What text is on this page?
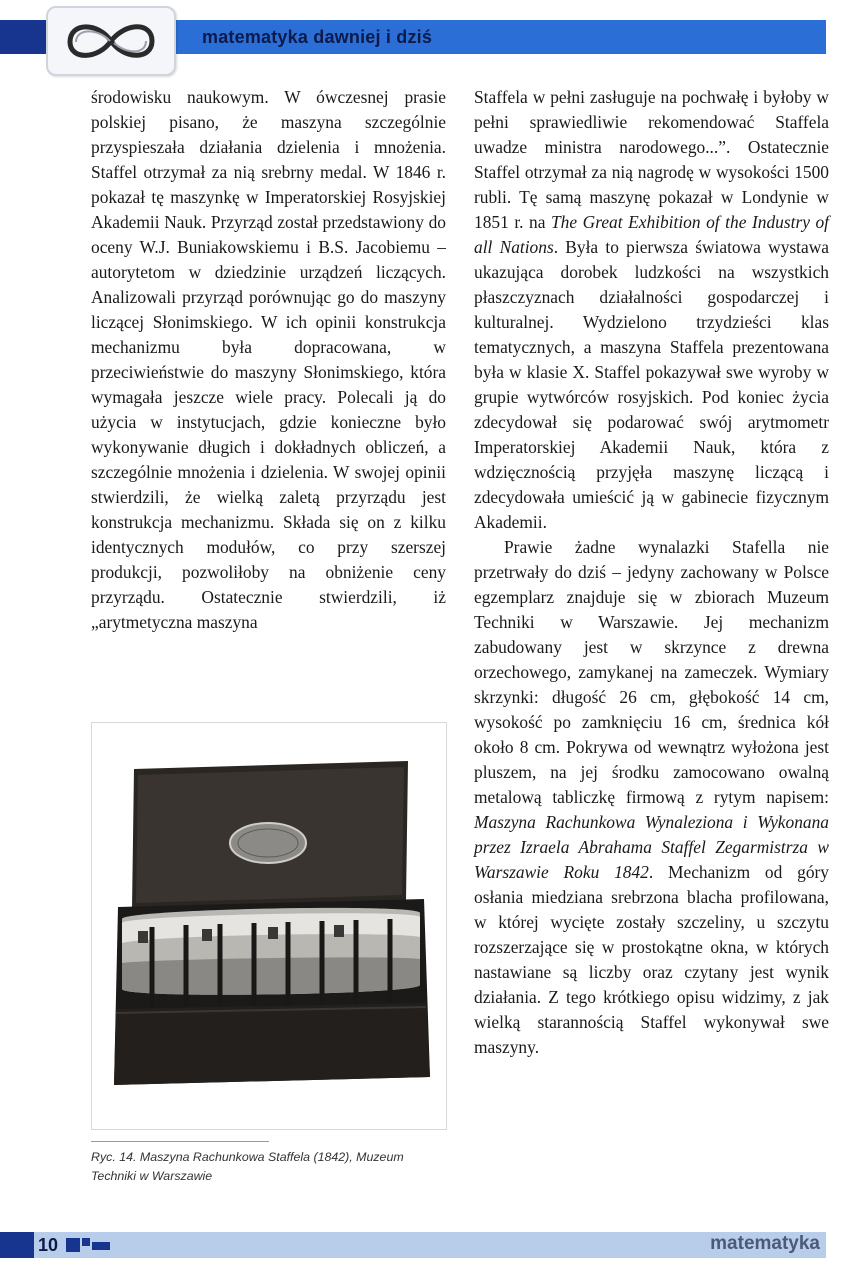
matematyka dawniej i dziś

środowisku naukowym. W ówczesnej prasie polskiej pisano, że maszyna szczególnie przyspieszała działania dzielenia i mnożenia. Staffel otrzymał za nią srebrny medal. W 1846 r. pokazał tę maszynkę w Imperatorskiej Rosyjskiej Akademii Nauk. Przyrząd został przedstawiony do oceny W.J. Buniakowskiemu i B.S. Jacobiemu – autorytetom w dziedzinie urządzeń liczących. Analizowali przyrząd porównując go do maszyny liczącej Słonimskiego. W ich opinii konstrukcja mechanizmu była dopracowana, w przeciwieństwie do maszyny Słonimskiego, która wymagała jeszcze wiele pracy. Polecali ją do użycia w instytucjach, gdzie konieczne było wykonywanie długich i dokładnych obliczeń, a szczególnie mnożenia i dzielenia. W swojej opinii stwierdzili, że wielką zaletą przyrządu jest konstrukcja mechanizmu. Składa się on z kilku identycznych modułów, co przy szerszej produkcji, pozwoliłoby na obniżenie ceny przyrządu. Ostatecznie stwierdzili, iż „arytmetyczna maszyna

Staffela w pełni zasługuje na pochwałę i byłoby w pełni sprawiedliwie rekomendować Staffela uwadze ministra narodowego...”. Ostatecznie Staffel otrzymał za nią nagrodę w wysokości 1500 rubli. Tę samą maszynę pokazał w Londynie w 1851 r. na The Great Exhibition of the Industry of all Nations. Była to pierwsza światowa wystawa ukazująca dorobek ludzkości na wszystkich płaszczyznach działalności gospodarczej i kulturalnej. Wydzielono trzydzieści klas tematycznych, a maszyna Staffela prezentowana była w klasie X. Staffel pokazywał swe wyroby w grupie wytwórców rosyjskich. Pod koniec życia zdecydował się podarować swój arytmometr Imperatorskiej Akademii Nauk, która z wdzięcznością przyjęła maszynę liczącą i zdecydowała umieścić ją w gabinecie fizycznym Akademii.

Prawie żadne wynalazki Stafella nie przetrwały do dziś – jedyny zachowany w Polsce egzemplarz znajduje się w zbiorach Muzeum Techniki w Warszawie. Jej mechanizm zabudowany jest w skrzynce z drewna orzechowego, zamykanej na zameczek. Wymiary skrzynki: długość 26 cm, głębokość 14 cm, wysokość po zamknięciu 16 cm, średnica kół około 8 cm. Pokrywa od wewnątrz wyłożona jest pluszem, na jej środku zamocowano owalną metalową tabliczkę firmową z rytym napisem: Maszyna Rachunkowa Wynaleziona i Wykonana przez Izraela Abrahama Staffel Zegarmistrza w Warszawie Roku 1842. Mechanizm od góry osłania miedziana srebrzona blacha profilowana, w której wycięte zostały szczeliny, u szczytu rozszerzające się w prostokątne okna, w których nastawiane są liczby oraz czytany jest wynik działania. Z tego krótkiego opisu widzimy, z jak wielką starannością Staffel wykonywał swe maszyny.

Ryc. 14. Maszyna Rachunkowa Staffela (1842), Muzeum Techniki w Warszawie
10	matematyka
